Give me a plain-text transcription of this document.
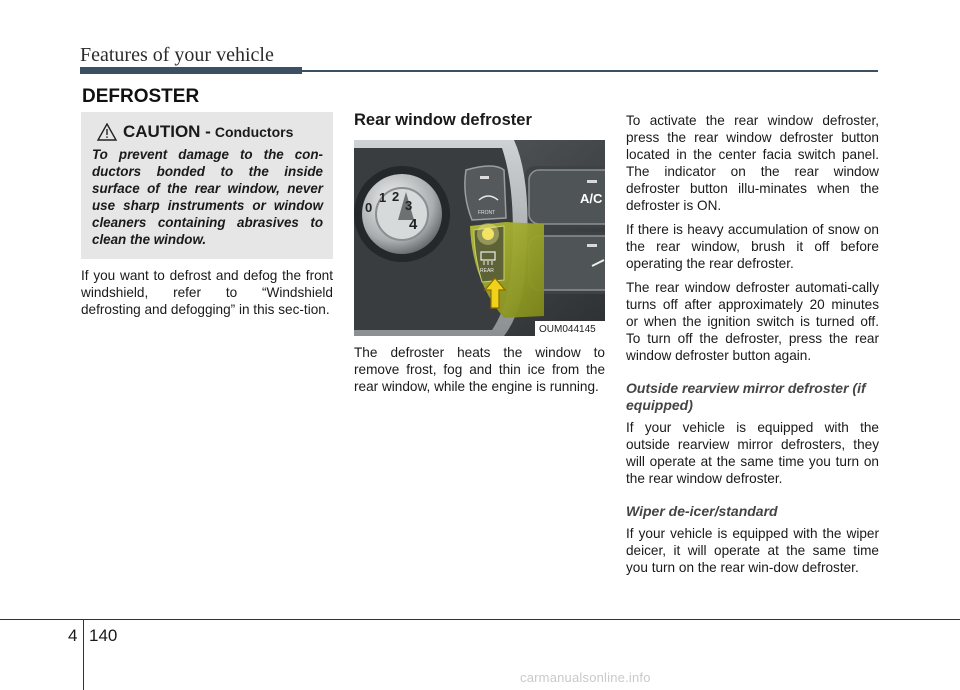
Features of your vehicle
DEFROSTER
CAUTION - Conductors
To prevent damage to the con-ductors bonded to the inside surface of the rear window, never use sharp instruments or window cleaners containing abrasives to clean the window.

If you want to defrost and defog the front windshield, refer to “Windshield defrosting and defogging” in this sec-tion.

Rear window defroster
A/C
0
1 2
3
4
FRONT
REAR
OUM044145

The defroster heats the window to remove frost, fog and thin ice from the rear window, while the engine is running.

To activate the rear window defroster, press the rear window defroster button located in the center facia switch panel. The indicator on the rear window defroster button illu-minates when the defroster is ON.

If there is heavy accumulation of snow on the rear window, brush it off before operating the rear defroster.

The rear window defroster automati-cally turns off after approximately 20 minutes or when the ignition switch is turned off. To turn off the defroster, press the rear window defroster button again.

Outside rearview mirror defroster (if equipped)

If your vehicle is equipped with the outside rearview mirror defrosters, they will operate at the same time you turn on the rear window defroster.

Wiper de-icer/standard

If your vehicle is equipped with the wiper deicer, it will operate at the same time you turn on the rear win-dow defroster.

4 140
carmanualsonline.info
